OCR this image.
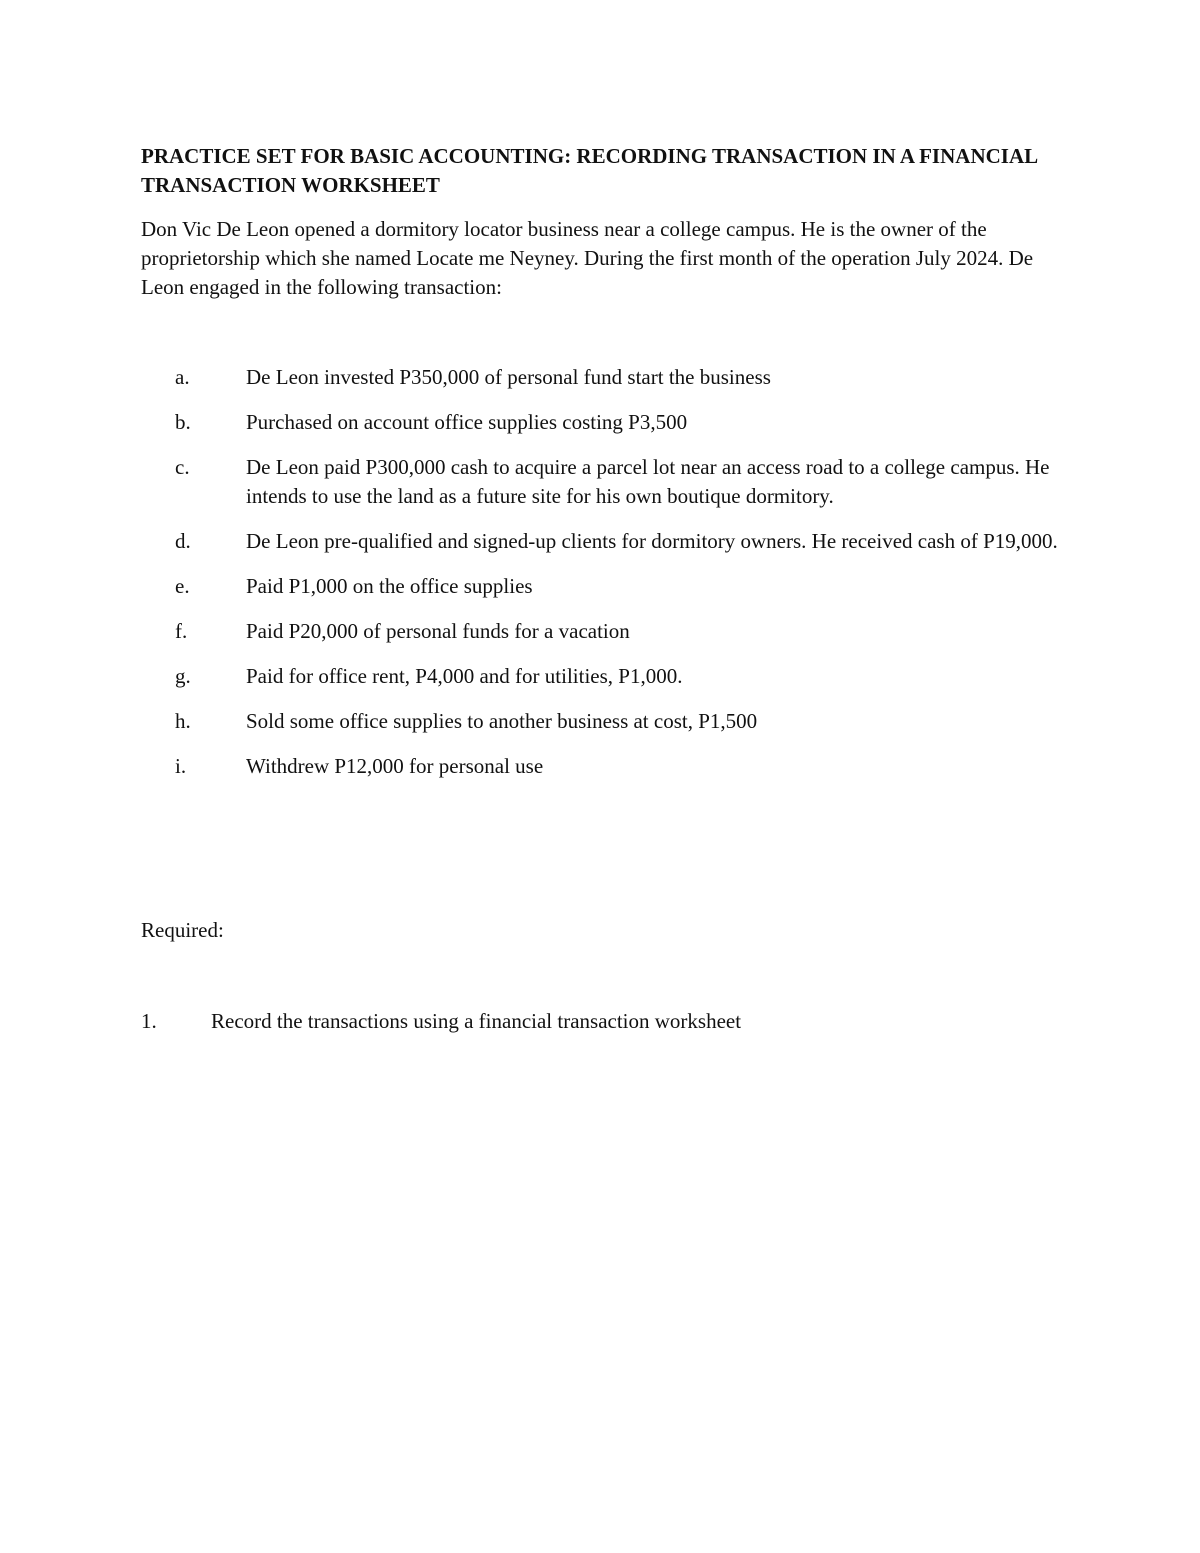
PRACTICE SET FOR BASIC ACCOUNTING: RECORDING TRANSACTION IN A FINANCIAL TRANSACTION WORKSHEET

Don Vic De Leon opened a dormitory locator business near a college campus. He is the owner of the proprietorship which she named Locate me Neyney. During the first month of the operation July 2024. De Leon engaged in the following transaction:

a.	De Leon invested P350,000 of personal fund start the business
b.	Purchased on account office supplies costing P3,500
c.	De Leon paid P300,000 cash to acquire a parcel lot near an access road to a college campus. He intends to use the land as a future site for his own boutique dormitory.
d.	De Leon pre-qualified and signed-up clients for dormitory owners. He received cash of P19,000.
e.	Paid P1,000 on the office supplies
f.	Paid P20,000 of personal funds for a vacation
g.	Paid for office rent, P4,000 and for utilities, P1,000.
h.	Sold some office supplies to another business at cost, P1,500
i.	Withdrew P12,000 for personal use

Required:

1.	Record the transactions using a financial transaction worksheet
